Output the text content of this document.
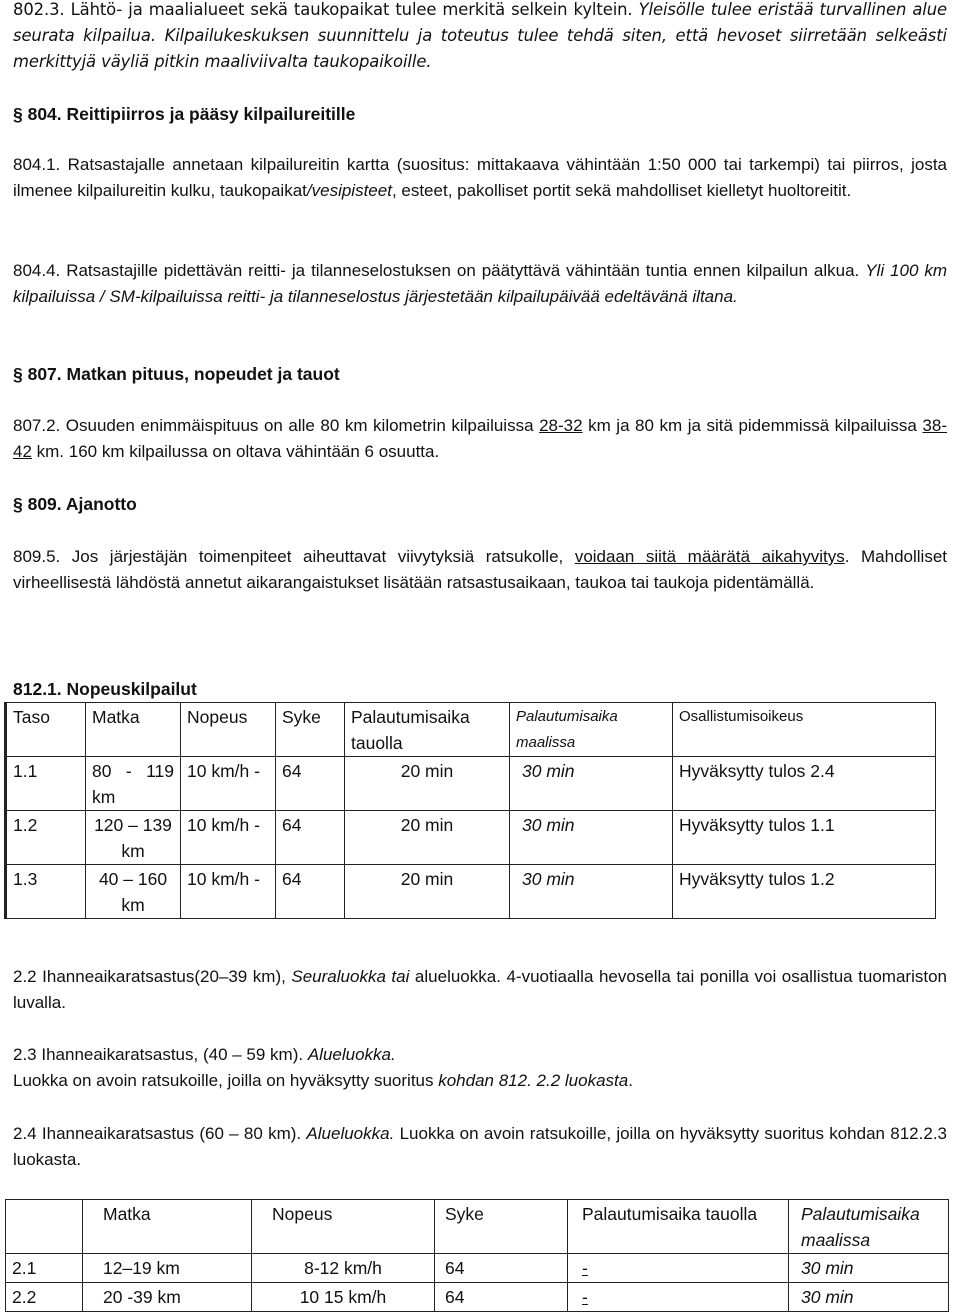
802.3. Lähtö- ja maalialueet sekä taukopaikat tulee merkitä selkein kyltein. Yleisölle tulee eristää turvallinen alue seurata kilpailua. Kilpailukeskuksen suunnittelu ja toteutus tulee tehdä siten, että hevoset siirretään selkeästi merkittyjä väyliä pitkin maaliviivalta taukopaikoille.

§ 804. Reittipiirros ja pääsy kilpailureitille

804.1. Ratsastajalle annetaan kilpailureitin kartta (suositus: mittakaava vähintään 1:50 000 tai tarkempi) tai piirros, josta ilmenee kilpailureitin kulku, taukopaikat/vesipisteet, esteet, pakolliset portit sekä mahdolliset kielletyt huoltoreitit.

804.4. Ratsastajille pidettävän reitti- ja tilanneselostuksen on päätyttävä vähintään tuntia ennen kilpailun alkua. Yli 100 km kilpailuissa / SM-kilpailuissa reitti- ja tilanneselostus järjestetään kilpailupäivää edeltävänä iltana.

§ 807. Matkan pituus, nopeudet ja tauot

807.2. Osuuden enimmäispituus on alle 80 km kilometrin kilpailuissa 28-32 km ja 80 km ja sitä pidemmissä kilpailuissa 38-42 km. 160 km kilpailussa on oltava vähintään 6 osuutta.

§ 809. Ajanotto

809.5. Jos järjestäjän toimenpiteet aiheuttavat viivytyksiä ratsukolle, voidaan siitä määrätä aikahyvitys. Mahdolliset virheellisestä lähdöstä annetut aikarangaistukset lisätään ratsastusaikaan, taukoa tai taukoja pidentämällä.

812.1. Nopeuskilpailut

Taso	Matka	Nopeus	Syke	Palautumisaika tauolla	Palautumisaika maalissa	Osallistumisoikeus
1.1	80 - 119 km	10 km/h -	64	20 min	30 min	Hyväksytty tulos 2.4
1.2	120 – 139 km	10 km/h -	64	20 min	30 min	Hyväksytty tulos 1.1
1.3	40 – 160 km	10 km/h -	64	20 min	30 min	Hyväksytty tulos 1.2

2.2 Ihanneaikaratsastus(20–39 km), Seuraluokka tai alueluokka. 4-vuotiaalla hevosella tai ponilla voi osallistua tuomariston luvalla.

2.3 Ihanneaikaratsastus, (40 – 59 km). Alueluokka.
Luokka on avoin ratsukoille, joilla on hyväksytty suoritus kohdan 812. 2.2 luokasta.

2.4 Ihanneaikaratsastus (60 – 80 km). Alueluokka. Luokka on avoin ratsukoille, joilla on hyväksytty suoritus kohdan 812.2.3 luokasta.

	Matka	Nopeus	Syke	Palautumisaika tauolla	Palautumisaika maalissa
2.1	12–19 km	8-12 km/h	64	-	30 min
2.2	20 -39 km	10 15 km/h	64	-	30 min
